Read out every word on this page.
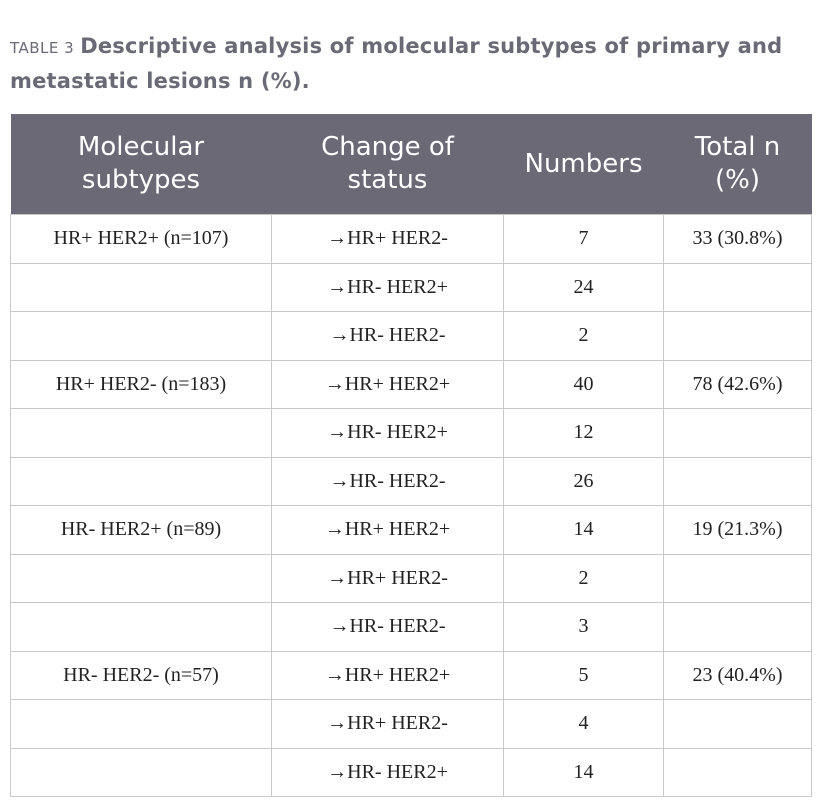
TABLE 3 Descriptive analysis of molecular subtypes of primary and metastatic lesions n (%).
Molecular subtypes	Change of status	Numbers	Total n (%)
HR+ HER2+ (n=107)	→HR+ HER2-	7	33 (30.8%)
	→HR- HER2+	24	
	→HR- HER2-	2	
HR+ HER2- (n=183)	→HR+ HER2+	40	78 (42.6%)
	→HR- HER2+	12	
	→HR- HER2-	26	
HR- HER2+ (n=89)	→HR+ HER2+	14	19 (21.3%)
	→HR+ HER2-	2	
	→HR- HER2-	3	
HR- HER2- (n=57)	→HR+ HER2+	5	23 (40.4%)
	→HR+ HER2-	4	
	→HR- HER2+	14	
